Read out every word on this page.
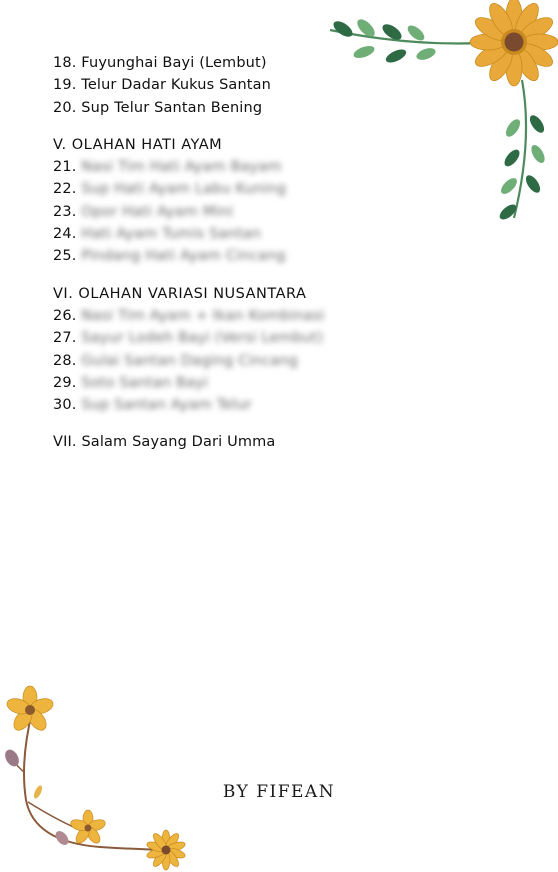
18. Fuyunghai Bayi (Lembut)
19. Telur Dadar Kukus Santan
20. Sup Telur Santan Bening
V. OLAHAN HATI AYAM
21. Nasi Tim Hati Ayam Bayam
22. Sup Hati Ayam Labu Kuning
23. Opor Hati Ayam Mini
24. Hati Ayam Tumis Santan
25. Pindang Hati Ayam Cincang
VI. OLAHAN VARIASI NUSANTARA
26. Nasi Tim Ayam + Ikan Kombinasi
27. Sayur Lodeh Bayi (Versi Lembut)
28. Gulai Santan Daging Cincang
29. Soto Santan Bayi
30. Sup Santan Ayam Telur
VII. Salam Sayang Dari Umma
BY FIFEAN
